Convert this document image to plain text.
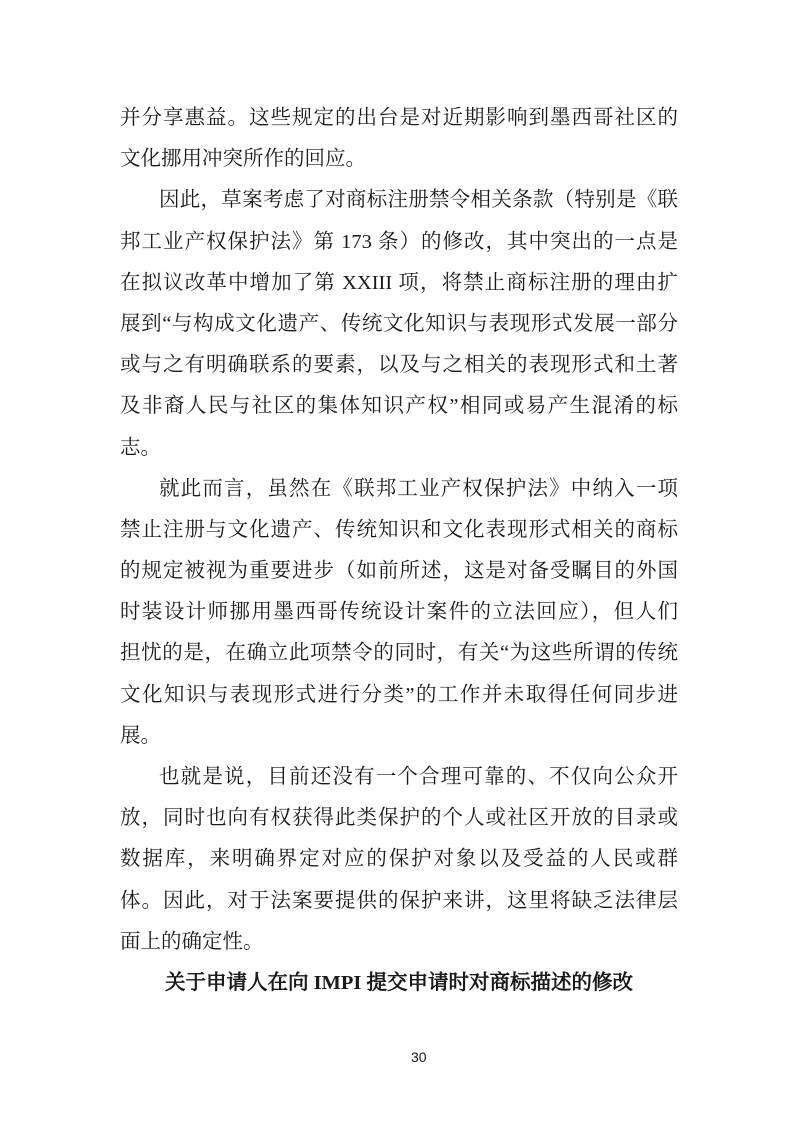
并分享惠益。这些规定的出台是对近期影响到墨西哥社区的
文化挪用冲突所作的回应。
因此，草案考虑了对商标注册禁令相关条款（特别是《联
邦工业产权保护法》第 173 条）的修改，其中突出的一点是
在拟议改革中增加了第 XXIII 项，将禁止商标注册的理由扩
展到“与构成文化遗产、传统文化知识与表现形式发展一部分
或与之有明确联系的要素，以及与之相关的表现形式和土著
及非裔人民与社区的集体知识产权”相同或易产生混淆的标
志。
就此而言，虽然在《联邦工业产权保护法》中纳入一项
禁止注册与文化遗产、传统知识和文化表现形式相关的商标
的规定被视为重要进步（如前所述，这是对备受瞩目的外国
时装设计师挪用墨西哥传统设计案件的立法回应），但人们
担忧的是，在确立此项禁令的同时，有关“为这些所谓的传统
文化知识与表现形式进行分类”的工作并未取得任何同步进
展。
也就是说，目前还没有一个合理可靠的、不仅向公众开
放，同时也向有权获得此类保护的个人或社区开放的目录或
数据库，来明确界定对应的保护对象以及受益的人民或群
体。因此，对于法案要提供的保护来讲，这里将缺乏法律层
面上的确定性。
关于申请人在向 IMPI 提交申请时对商标描述的修改
30
